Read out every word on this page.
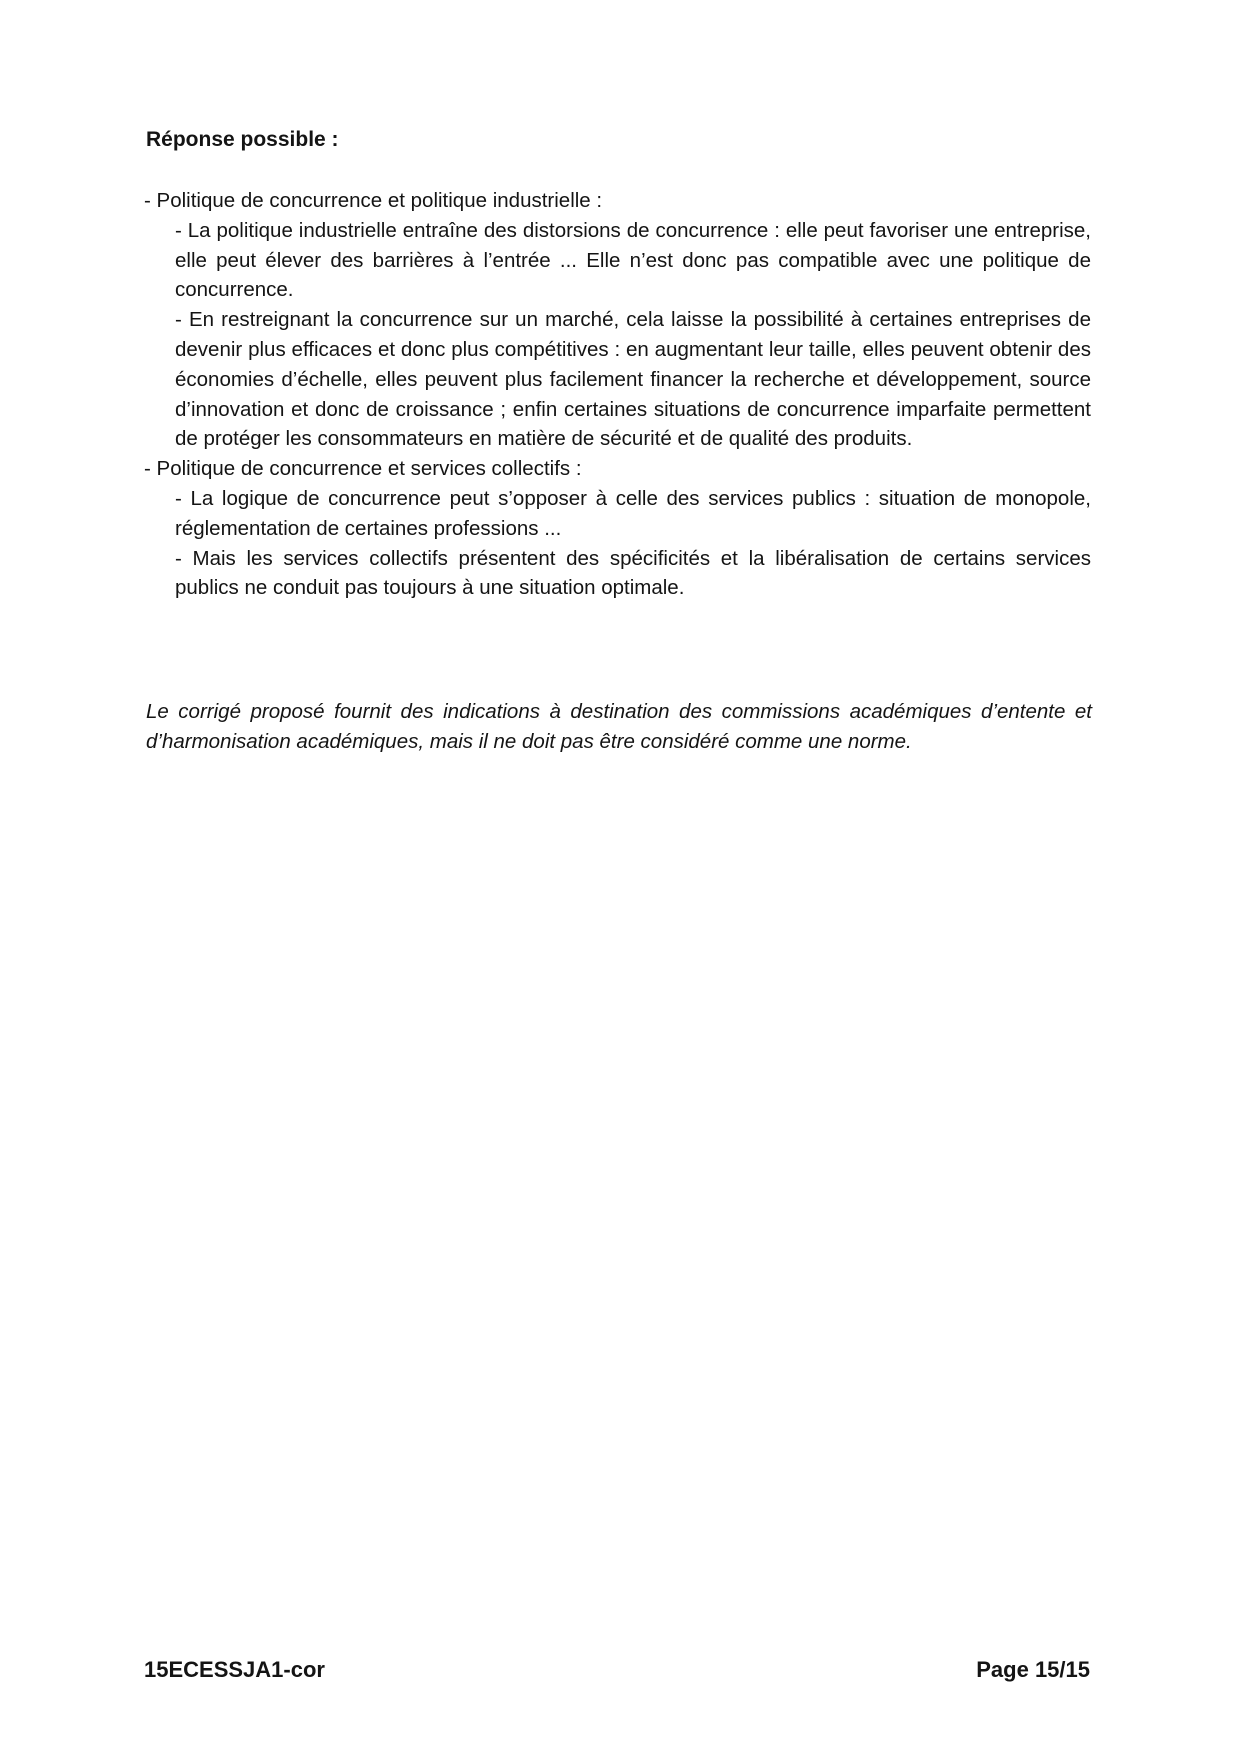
Réponse possible :

- Politique de concurrence et politique industrielle :

- La politique industrielle entraîne des distorsions de concurrence : elle peut favoriser une entreprise, elle peut élever des barrières à l’entrée ... Elle n’est donc pas compatible avec une politique de concurrence.

- En restreignant la concurrence sur un marché, cela laisse la possibilité à certaines entreprises de devenir plus efficaces et donc plus compétitives : en augmentant leur taille, elles peuvent obtenir des économies d’échelle, elles peuvent plus facilement financer la recherche et développement, source d’innovation et donc de croissance ; enfin certaines situations de concurrence imparfaite permettent de protéger les consommateurs en matière de sécurité et de qualité des produits.

- Politique de concurrence et services collectifs :

- La logique de concurrence peut s’opposer à celle des services publics : situation de monopole, réglementation de certaines professions ...

- Mais les services collectifs présentent des spécificités et la libéralisation de certains services publics ne conduit pas toujours à une situation optimale.

Le corrigé proposé fournit des indications à destination des commissions académiques d’entente et d’harmonisation académiques, mais il ne doit pas être considéré comme une norme.

15ECESSJA1-cor	Page 15/15
